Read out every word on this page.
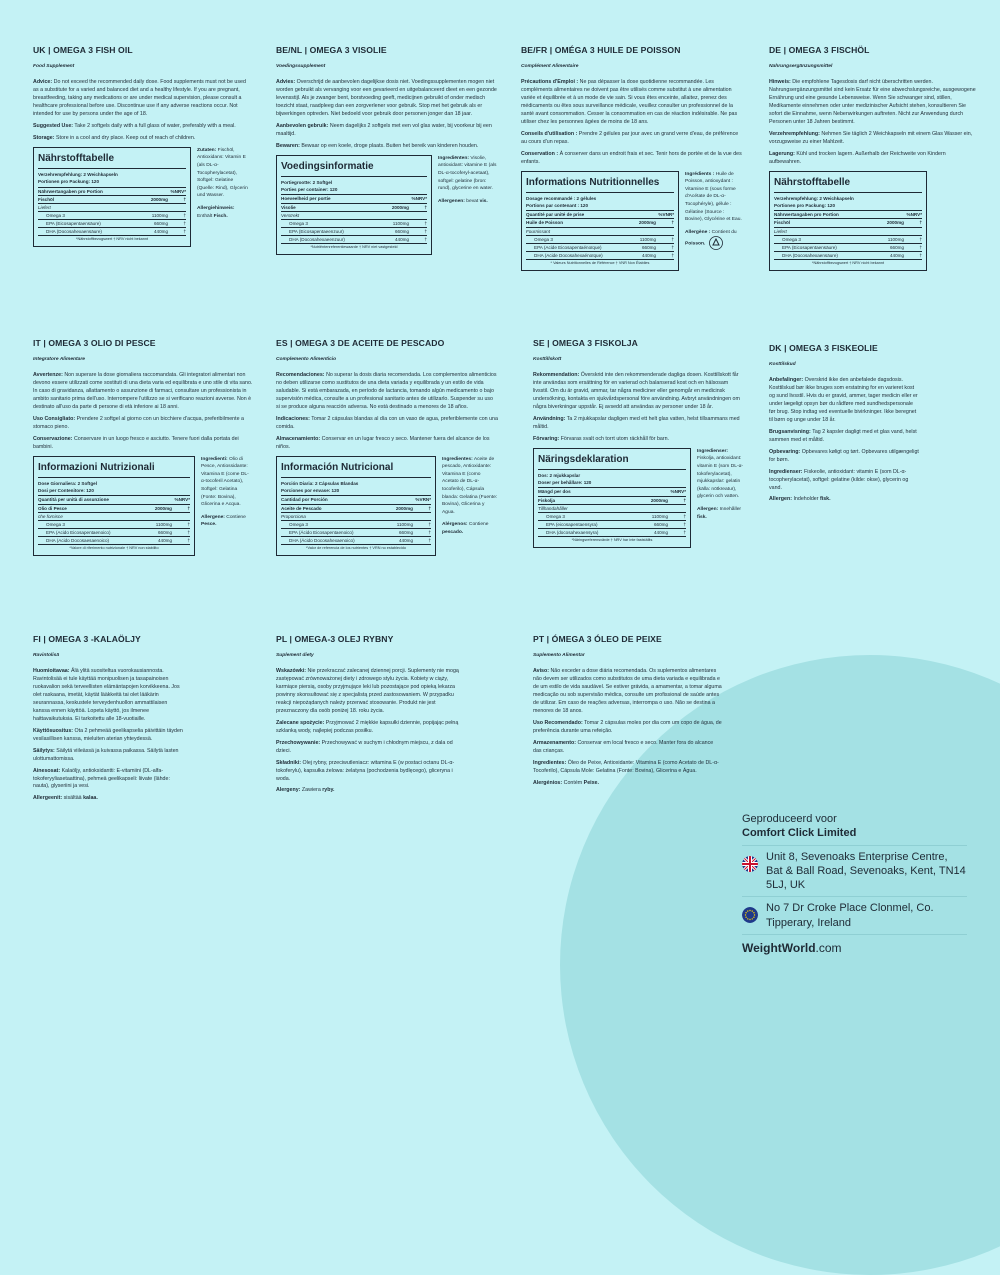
UK | OMEGA 3 FISH OIL
Food Supplement

Advice: Do not exceed the recommended daily dose. Food supplements must not be used as a substitute for a varied and balanced diet and a healthy lifestyle. If you are pregnant, breastfeeding, taking any medications or are under medical supervision, please consult a healthcare professional before use. Discontinue use if any adverse reactions occur. Not intended for use by persons under the age of 18.

Suggested Use: Take 2 softgels daily with a full glass of water, preferably with a meal.

Storage: Store in a cool and dry place. Keep out of reach of children.

Nährstofftabelle
Verzehrempfehlung: 2 Weichkapseln
Portionen pro Packung: 120
Nährwertangaben pro Portion	%NRV*
Fischöl	2000mg	†
Liefert
Omega 3	1100mg	†
EPA (Eicosapentaensäure)	660mg	†
DHA (Docosahexaensäure)	440mg	†
*Nährstoffbezugswert † NRV nicht bekannt

Zutaten: Fischöl, Antioxidans: Vitamin E (als DL-α-Tocopherylacetat), Softgel: Gelatine (Quelle: Rind), Glycerin und Wasser.

Allergiehinweis: Enthält Fisch.

BE/NL | OMEGA 3 VISOLIE
Voedingssupplement

Advies: Overschrijd de aanbevolen dagelijkse dosis niet. Voedingssupplementen mogen niet worden gebruikt als vervanging voor een gevarieerd en uitgebalanceerd dieet en een gezonde levensstijl. Als je zwanger bent, borstvoeding geeft, medicijnen gebruikt of onder medisch toezicht staat, raadpleeg dan een zorgverlener voor gebruik. Stop met het gebruik als er bijwerkingen optreden. Niet bedoeld voor gebruik door personen jonger dan 18 jaar.

Aanbevolen gebruik: Neem dagelijks 2 softgels met een vol glas water, bij voorkeur bij een maaltijd.

Bewaren: Bewaar op een koele, droge plaats. Buiten het bereik van kinderen houden.

Voedingsinformatie
Portiegrootte: 2 Softgel
Porties per container: 120
Hoeveelheid per portie	%NRV*
Visolie	2000mg	†
Verstrekt
Omega 3	1100mg	†
EPA (Eicosapentaeenzuur)	660mg	†
DHA (Docosahexaeenzuur)	440mg	†
*Nutriëntenreferentiewaarde † NRV niet vastgesteld

Ingrediënten: Visolie, antioxidant: vitamine E (als DL-α-tocoferyl-acetaat), softgel: gelatine (bron: rund), glycerine en water.

Allergenen: bevat vis.

BE/FR | OMÉGA 3 HUILE DE POISSON
Complément Alimentaire

Précautions d'Emploi : Ne pas dépasser la dose quotidienne recommandée. Les compléments alimentaires ne doivent pas être utilisés comme substitut à une alimentation variée et équilibrée et à un mode de vie sain. Si vous êtes enceinte, allaitez, prenez des médicaments ou êtes sous surveillance médicale, veuillez consulter un professionnel de la santé avant consommation. Cesser la consommation en cas de réaction indésirable. Ne pas utiliser chez les personnes âgées de moins de 18 ans.

Conseils d'utilisation : Prendre 2 gélules par jour avec un grand verre d'eau, de préférence au cours d'un repas.

Conservation : À conserver dans un endroit frais et sec. Tenir hors de portée et de la vue des enfants.

Informations Nutritionnelles
Dosage recommandé : 2 gélules
Portions par contenant : 120
Quantité par unité de prise	%VNR*
Huile de Poisson	2000mg	†
Fournissant
Omega 3	1100mg	†
EPA (Acide Eicosapentaénoïque)	660mg	†
DHA (Acide Docosahexaénoïque)	440mg	†
* Valeurs Nutritionnelles de Référence † VNR Non Établies

Ingrédients : Huile de Poisson, antioxydant : Vitamine E (sous forme d'Acétate de DL-α-Tocophéryle), gélule : Gélatine (Source : Bovine), Glycérine et Eau.

Allergène : Contient du Poisson.

DE | OMEGA 3 FISCHÖL
Nahrungsergänzungsmittel

Hinweis: Die empfohlene Tagesdosis darf nicht überschritten werden. Nahrungsergänzungsmittel sind kein Ersatz für eine abwechslungsreiche, ausgewogene Ernährung und eine gesunde Lebensweise. Wenn Sie schwanger sind, stillen, Medikamente einnehmen oder unter medizinischer Aufsicht stehen, konsultieren Sie sofort die Einnahme, wenn Nebenwirkungen auftreten. Nicht zur Anwendung durch Personen unter 18 Jahren bestimmt.

Verzehrempfehlung: Nehmen Sie täglich 2 Weichkapseln mit einem Glas Wasser ein, vorzugsweise zu einer Mahlzeit.

Lagerung: Kühl und trocken lagern. Außerhalb der Reichweite von Kindern aufbewahren.

Nährstofftabelle
Verzehrempfehlung: 2 Weichkapseln
Portionen pro Packung: 120
Nährwertangaben pro Portion	%NRV*
Fischöl	2000mg	†
Liefert
Omega 3	1100mg	†
EPA (Eicosapentaensäure)	660mg	†
DHA (Docosahexaensäure)	440mg	†
*Nährstoffbezugswert † NRV nicht bekannt
IT | OMEGA 3 OLIO DI PESCE
Integratore Alimentare

Avvertenze: Non superare la dose giornaliera raccomandata. Gli integratori alimentari non devono essere utilizzati come sostituti di una dieta varia ed equilibrata e uno stile di vita sano. In caso di gravidanza, allattamento o assunzione di farmaci, consultare un professionista in ambito sanitario prima dell'uso. Interrompere l'utilizzo se si verificano reazioni avverse. Non è destinato all'uso da parte di persone di età inferiore ai 18 anni.

Uso Consigliato: Prendere 2 softgel al giorno con un bicchiere d'acqua, preferibilmente a stomaco pieno.

Conservazione: Conservare in un luogo fresco e asciutto. Tenere fuori dalla portata dei bambini.

Informazioni Nutrizionali
Dose Giornaliera: 2 Softgel
Dosi per Contenitore: 120
Quantità per unità di assunzione	%NRV*
Olio di Pesce	2000mg	†
che fornisce
Omega 3	1100mg	†
EPA (Acido Eicosapentaenoico)	660mg	†
DHA (Acido Docosaesaenoico)	440mg	†
*Valore di riferimento nutrizionale † NRV non stabilito

Ingredienti: Olio di Pesce, Antiossidante: Vitamina E (come DL-α-tocoferil Acetato), Softgel: Gelatina (Fonte: Bovina), Glicerina e Acqua.

Allergene: Contiene Pesce.

ES | OMEGA 3 DE ACEITE DE PESCADO
Complemento Alimenticio

Recomendaciones: No superar la dosis diaria recomendada. Los complementos alimenticios no deben utilizarse como sustitutos de una dieta variada y equilibrada y un estilo de vida saludable. Si está embarazada, en período de lactancia, tomando algún medicamento o bajo supervisión médica, consulte a un profesional sanitario antes de utilizarlo. Suspender su uso si se produce alguna reacción adversa. No está destinado a menores de 18 años.

Indicaciones: Tomar 2 cápsulas blandas al día con un vaso de agua, preferiblemente con una comida.

Almacenamiento: Conservar en un lugar fresco y seco. Mantener fuera del alcance de los niños.

Información Nutricional
Porción Diaria: 2 Cápsulas Blandas
Porciones por envase: 120
Cantidad por Porción	%VRN*
Aceite de Pescado	2000mg	†
Proporciona
Omega 3	1100mg	†
EPA (Ácido Eicosapentaenoico)	660mg	†
DHA (Ácido Docosahexaenoico)	440mg	†
*Valor de referencia de los nutrientes † VRN no establecido

Ingredientes: Aceite de pescado, Antioxidante: Vitamina E (como Acetato de DL-α-tocoferilo), Cápsula blanda: Gelatina (Fuente: Bovina), Glicerina y Agua.

Alérgenos: Contiene pescado.

SE | OMEGA 3 FISKOLJA
Kosttillskott

Rekommendation: Överskrid inte den rekommenderade dagliga dosen. Kosttillskott får inte användas som ersättning för en varierad och balanserad kost och en hälsosam livsstil. Om du är gravid, ammar, tar några mediciner eller genomgår en medicinsk undersökning, kontakta en sjukvårdspersonal före användning. Avbryt användningen om några biverkningar uppstår. Ej avsedd att användas av personer under 18 år.

Användning: Ta 2 mjukkapslar dagligen med ett helt glas vatten, helst tillsammans med måltid.

Förvaring: Förvaras svalt och torrt utom räckhåll för barn.

Näringsdeklaration
Dos: 2 mjukkapslar
Doser per behållare: 120
Mängd per dos	%NRV*
Fiskolja	2000mg	†
Tillhandahåller
Omega 3	1100mg	†
EPA (eicosapentaensyra)	660mg	†
DHA (docosahexaensyra)	440mg	†
*Näringsreferensvärde † NRV har inte fastställts

Ingredienser: Fiskolja, antioxidant: vitamin E (som DL-α-tokoferylacetat), mjukkapslar: gelatin (källa: nötkreatur), glycerin och vatten.

Allergen: Innehåller fisk.

DK | OMEGA 3 FISKEOLIE
Kosttilskud

Anbefalinger: Overskrid ikke den anbefalede dagsdosis. Kosttilskud bør ikke bruges som erstatning for en varieret kost og sund livsstil. Hvis du er gravid, ammer, tager medicin eller er under lægeligt opsyn bør du rådføre med sundhedspersonale før brug. Stop indtag ved eventuelle bivirkninger. Ikke beregnet til børn og unge under 18 år.

Brugsanvisning: Tag 2 kapsler dagligt med et glas vand, helst sammen med et måltid.

Opbevaring: Opbevares køligt og tørt. Opbevares utilgængeligt for børn.

Ingredienser: Fiskeolie, antioxidant: vitamin E (som DL-α-tocopherylacetat), softgel: gelatine (kilde: okse), glycerin og vand.

Allergen: Indeholder fisk.

FI | OMEGA 3 -KALAÖLJY
Ravintolisä

Huomioitavaa: Älä ylitä suositeltua vuorokausiannosta. Ravintolisää ei tule käyttää monipuolisen ja tasapainoisen ruokavalion sekä terveellisten elämäntapojen korvikkeena. Jos olet raskaana, imetät, käytät lääkkeitä tai olet lääkärin seurannassa, keskustele terveydenhuollon ammattilaisen kanssa ennen käyttöä. Lopeta käyttö, jos ilmenee haittavaikutuksia. Ei tarkoitettu alle 18-vuotiaille.

Käyttösuositus: Ota 2 pehmeää geelikapselia päivittäin täyden vesilasillisen kanssa, mieluiten aterian yhteydessä.

Säilytys: Säilytä viileässä ja kuivassa paikassa. Säilytä lasten ulottumattomissa.

Ainesosat: Kalaöljy, antioksidantti: E-vitamiini (DL-alfa-tokoferyyliasetaattina), pehmeä geelikapseli: liivate (lähde: nauta), glyseriini ja vesi.

Allergeenit: sisältää kalaa.

PL | OMEGA-3 OLEJ RYBNY
Suplement diety

Wskazówki: Nie przekraczać zalecanej dziennej porcji. Suplementy nie mogą zastępować zrównoważonej diety i zdrowego stylu życia. Kobiety w ciąży, karmiące piersią, osoby przyjmujące leki lub pozostające pod opieką lekarza powinny skonsultować się z specjalistą przed zastosowaniem. W przypadku reakcji niepożądanych należy przerwać stosowanie. Produkt nie jest przeznaczony dla osób poniżej 18. roku życia.

Zalecane spożycie: Przyjmować 2 miękkie kapsułki dziennie, popijając pełną szklanką wody, najlepiej podczas posiłku.

Przechowywanie: Przechowywać w suchym i chłodnym miejscu, z dala od dzieci.

Składniki: Olej rybny, przeciwutleniacz: witamina E (w postaci octanu DL-α-tokoferylu), kapsułka żelowa: żelatyna (pochodzenia bydlęcego), gliceryna i woda.

Alergeny: Zawiera ryby.

PT | ÓMEGA 3 ÓLEO DE PEIXE
Suplemento Alimentar

Aviso: Não exceder a dose diária recomendada. Os suplementos alimentares não devem ser utilizados como substitutos de uma dieta variada e equilibrada e de um estilo de vida saudável. Se estiver grávida, a amamentar, a tomar alguma medicação ou sob supervisão médica, consulte um profissional de saúde antes de utilizar. Em caso de reações adversas, interrompa o uso. Não se destina a menores de 18 anos.

Uso Recomendado: Tomar 2 cápsulas moles por dia com um copo de água, de preferência durante uma refeição.

Armazenamento: Conservar em local fresco e seco. Manter fora do alcance das crianças.

Ingredientes: Óleo de Peixe, Antioxidante: Vitamina E (como Acetato de DL-α-Tocoferilo), Cápsula Mole: Gelatina (Fonte: Bovina), Glicerina e Água.

Alergénios: Contém Peixe.

Geproduceerd voor
Comfort Click Limited
Unit 8, Sevenoaks Enterprise Centre, Bat & Ball Road, Sevenoaks, Kent, TN14 5LJ, UK
No 7 Dr Croke Place Clonmel, Co. Tipperary, Ireland
WeightWorld.com
